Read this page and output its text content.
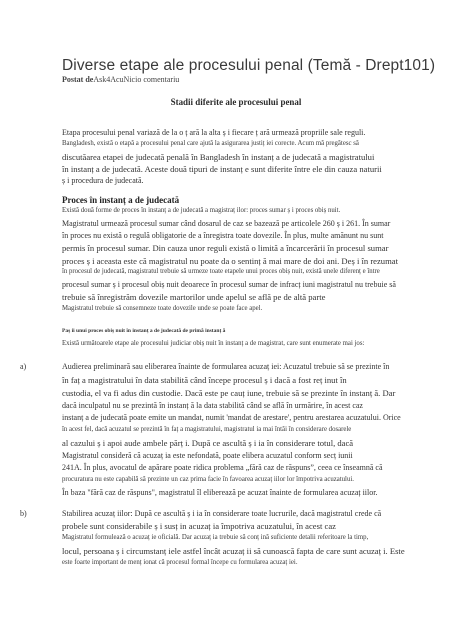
Diverse etape ale procesului penal (Temă - Drept101)
Postat deAsk4AcuNicio comentariu
Stadii diferite ale procesului penal
Etapa procesului penal variază de la o ț ară la alta ș i fiecare ț ară urmează propriile sale reguli.
Bangladesh, există o etapă a procesului penal care ajută la asigurarea justiț iei corecte. Acum mă pregătesc să
discutăarea etapei de judecată penală în Bangladesh în instanț a de judecată a magistratului
în instanț a de judecată. Aceste două tipuri de instanț e sunt diferite între ele din cauza naturii
ș i procedura de judecată.
Proces în instanț a de judecată
Există două forme de proces în instanț a de judecată a magistraț ilor: proces sumar ș i proces obiș nuit.
Magistratul urmează procesul sumar când dosarul de caz se bazează pe articolele 260 ș i 261. În sumar
în proces nu există o regulă obligatorie de a înregistra toate dovezile. În plus, multe amănunt nu sunt
permis în procesul sumar. Din cauza unor reguli există o limită a încarcerării în procesul sumar
proces ș i aceasta este că magistratul nu poate da o sentinț ă mai mare de doi ani. Deș i în rezumat
în procesul de judecată, magistratul trebuie să urmeze toate etapele unui proces obiș nuit, există unele diferenț e între
procesul sumar ș i procesul obiș nuit deoarece în procesul sumar de infracț iuni magistratul nu trebuie să
trebuie să înregistrăm dovezile martorilor unde apelul se află pe de altă parte
Magistratul trebuie să consemneze toate dovezile unde se poate face apel.
Paș ii unui proces obiș nuit în instanț a de judecată de primă instanț ă
Există următoarele etape ale procesului judiciar obiș nuit în instanț a de magistrat, care sunt enumerate mai jos:
a)	Audierea preliminară sau eliberarea înainte de formularea acuzaț iei: Acuzatul trebuie să se prezinte în
în faț a magistratului în data stabilită când începe procesul ș i dacă a fost reț inut în
custodia, el va fi adus din custodie. Dacă este pe cauț iune, trebuie să se prezinte în instanț ă. Dar
dacă inculpatul nu se prezintă în instanț ă la data stabilită când se află în urmărire, în acest caz
instanț a de judecată poate emite un mandat, numit 'mandat de arestare', pentru arestarea acuzatului. Orice
în acest fel, dacă acuzatul se prezintă în faț a magistratului, magistratul ia mai întâi în considerare dosarele
al cazului ș i apoi aude ambele părț i. După ce ascultă ș i ia în considerare totul, dacă
Magistratul consideră că acuzaț ia este nefondată, poate elibera acuzatul conform secț iunii
241A. În plus, avocatul de apărare poate ridica problema „fără caz de răspuns”, ceea ce înseamnă că
procuratura nu este capabilă să prezinte un caz prima facie în favoarea acuzaț iilor lor împotriva acuzatului.
În baza "fără caz de răspuns", magistratul îl eliberează pe acuzat înainte de formularea acuzaț iilor.
b)	Stabilirea acuzaț iilor: După ce ascultă ș i ia în considerare toate lucrurile, dacă magistratul crede că
probele sunt considerabile ș i susț in acuzaț ia împotriva acuzatului, în acest caz
Magistratul formulează o acuzaț ie oficială. Dar acuzaț ia trebuie să conț ină suficiente detalii referitoare la timp,
locul, persoana ș i circumstanț iele astfel încât acuzaț ii să cunoască fapta de care sunt acuzaț i. Este
este foarte important de menț ionat că procesul formal începe cu formularea acuzaț iei.
